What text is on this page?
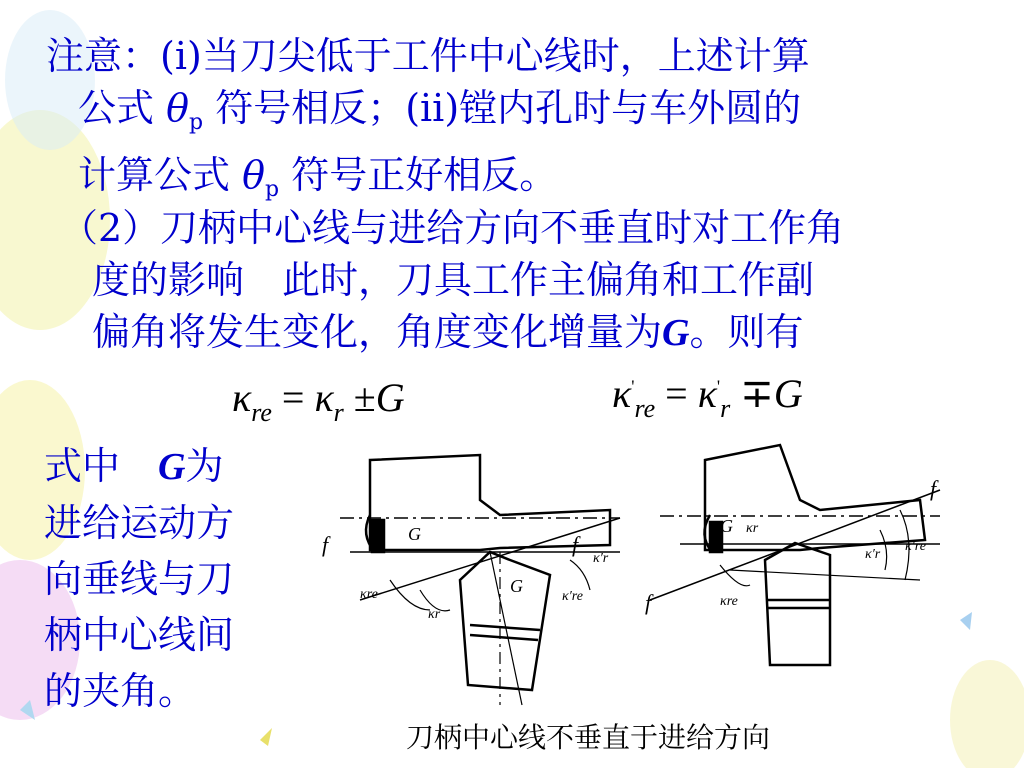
注意：(i)当刀尖低于工件中心线时，上述计算

公式 $\theta_p$ 符号相反；(ii)镗内孔时与车外圆的
计算公式 $\theta_p$ 符号正好相反。
（2）刀柄中心线与进给方向不垂直时对工作角

度的影响　此时，刀具工作主偏角和工作副
偏角将发生变化，角度变化增量为G。则有
$\kappa_{re} = \kappa_r \pm G$	$\kappa'_{re} = \kappa'_r \mp G$
式中　G为
进给运动方
向垂线与刀
柄中心线间
的夹角。
f	G
G
κre
κr
κ′re
f
κ′r
G κr
f	κre
κ′r
κ′re
f
刀柄中心线不垂直于进给方向
